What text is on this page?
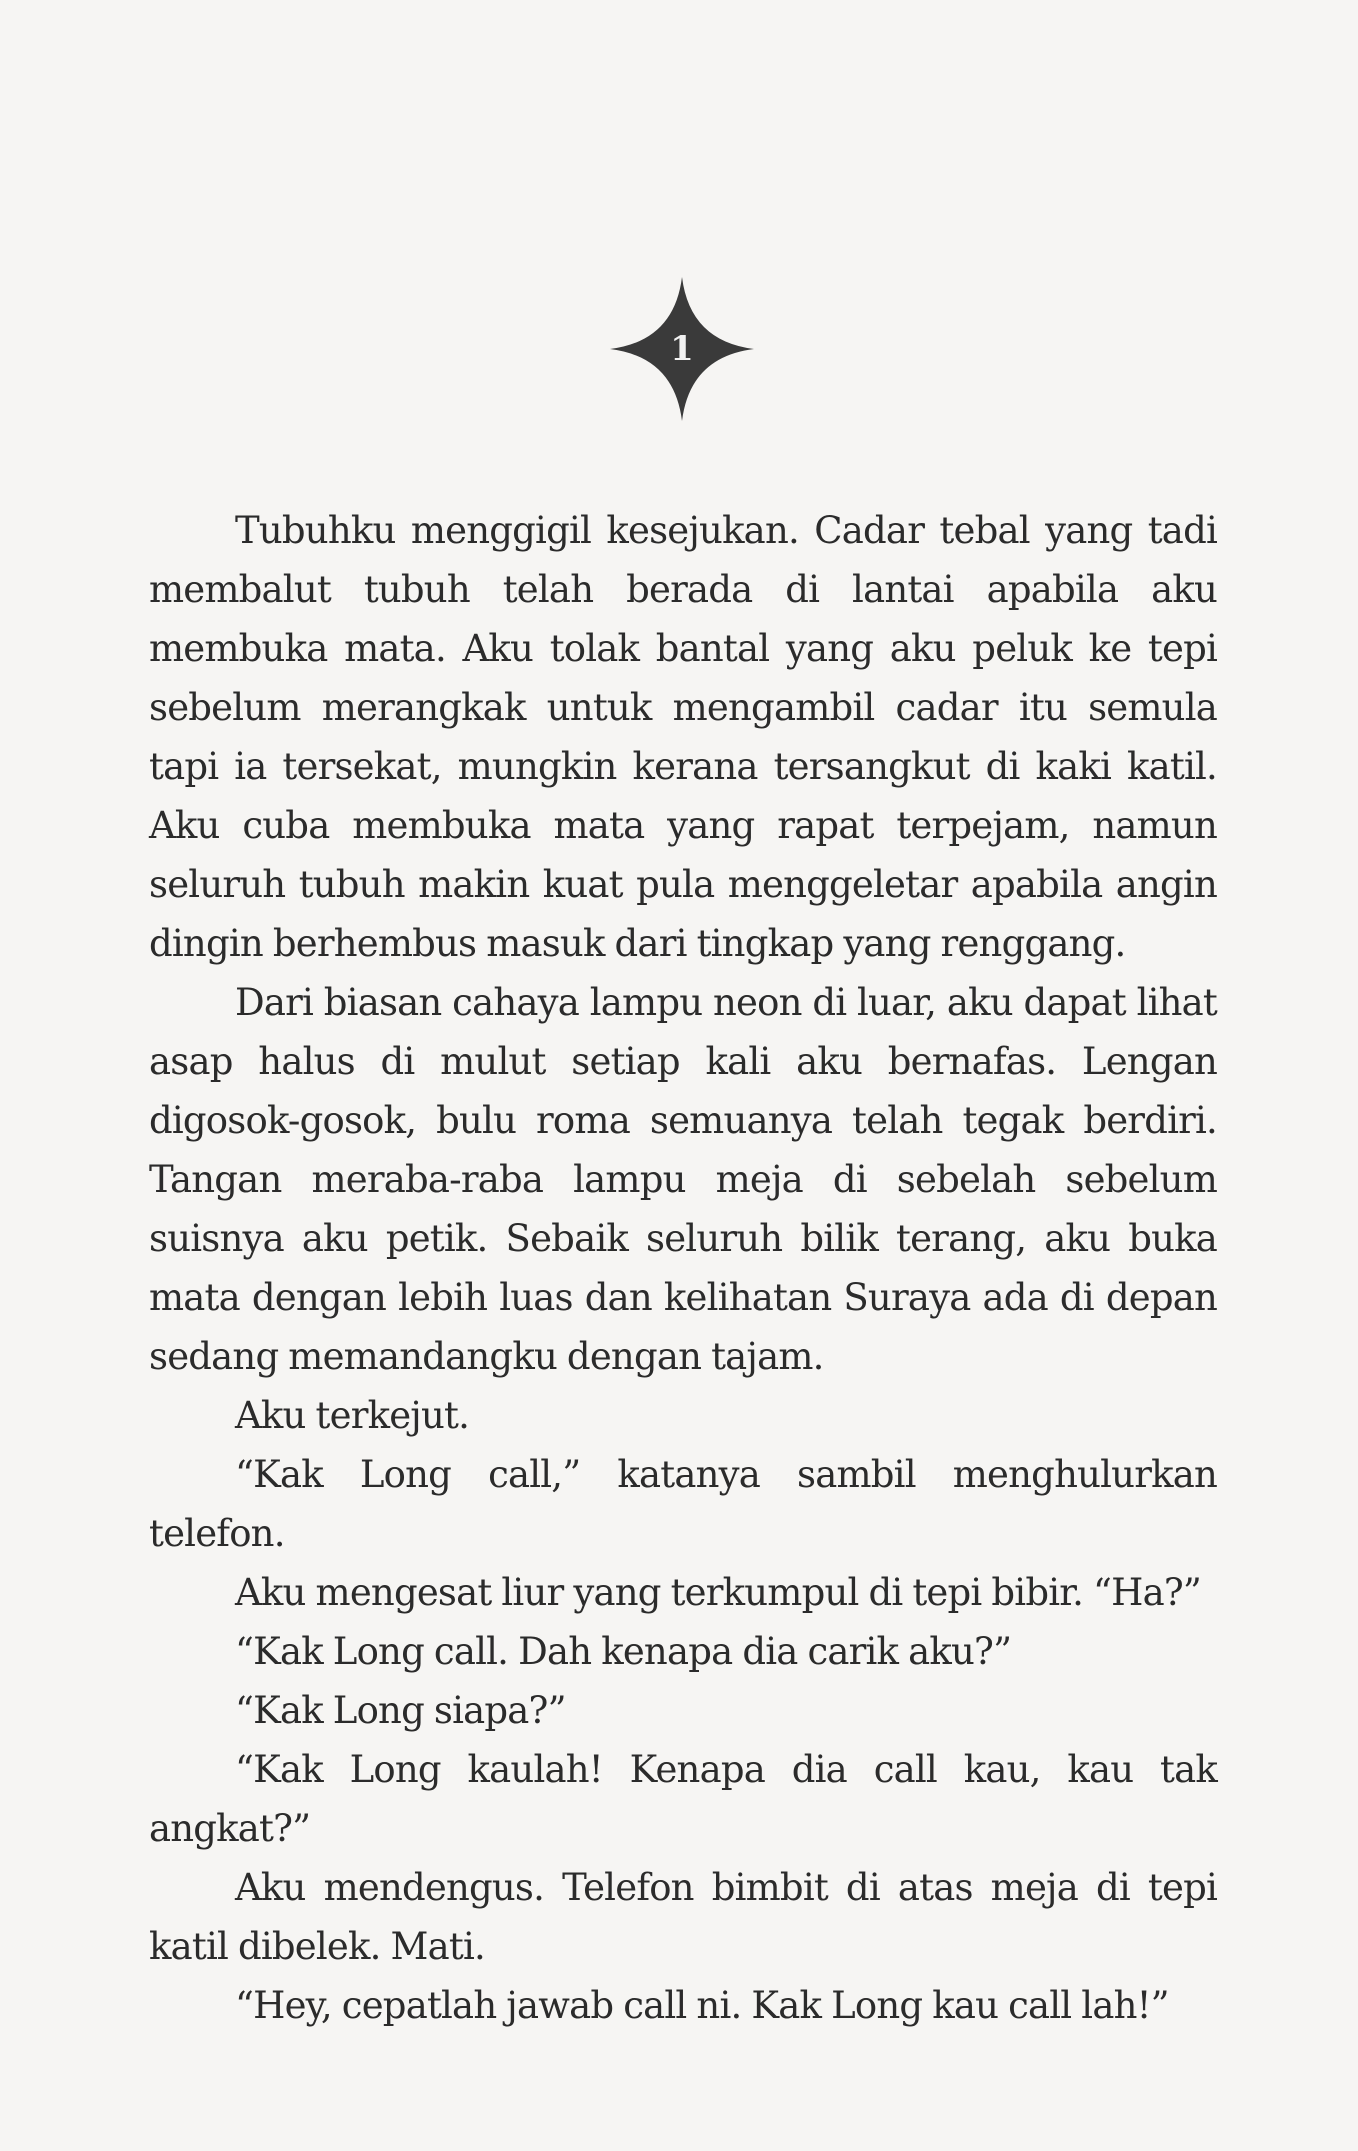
1

Tubuhku menggigil kesejukan. Cadar tebal yang tadi membalut tubuh telah berada di lantai apabila aku membuka mata. Aku tolak bantal yang aku peluk ke tepi sebelum merangkak untuk mengambil cadar itu semula tapi ia tersekat, mungkin kerana tersangkut di kaki katil. Aku cuba membuka mata yang rapat terpejam, namun seluruh tubuh makin kuat pula menggeletar apabila angin dingin berhembus masuk dari tingkap yang renggang.

Dari biasan cahaya lampu neon di luar, aku dapat lihat asap halus di mulut setiap kali aku bernafas. Lengan digosok-gosok, bulu roma semuanya telah tegak berdiri. Tangan meraba-raba lampu meja di sebelah sebelum suisnya aku petik. Sebaik seluruh bilik terang, aku buka mata dengan lebih luas dan kelihatan Suraya ada di depan sedang memandangku dengan tajam.

Aku terkejut.

“Kak Long call,” katanya sambil menghulurkan telefon.

Aku mengesat liur yang terkumpul di tepi bibir. “Ha?”

“Kak Long call. Dah kenapa dia carik aku?”

“Kak Long siapa?”

“Kak Long kaulah! Kenapa dia call kau, kau tak angkat?”

Aku mendengus. Telefon bimbit di atas meja di tepi katil dibelek. Mati.

“Hey, cepatlah jawab call ni. Kak Long kau call lah!”
